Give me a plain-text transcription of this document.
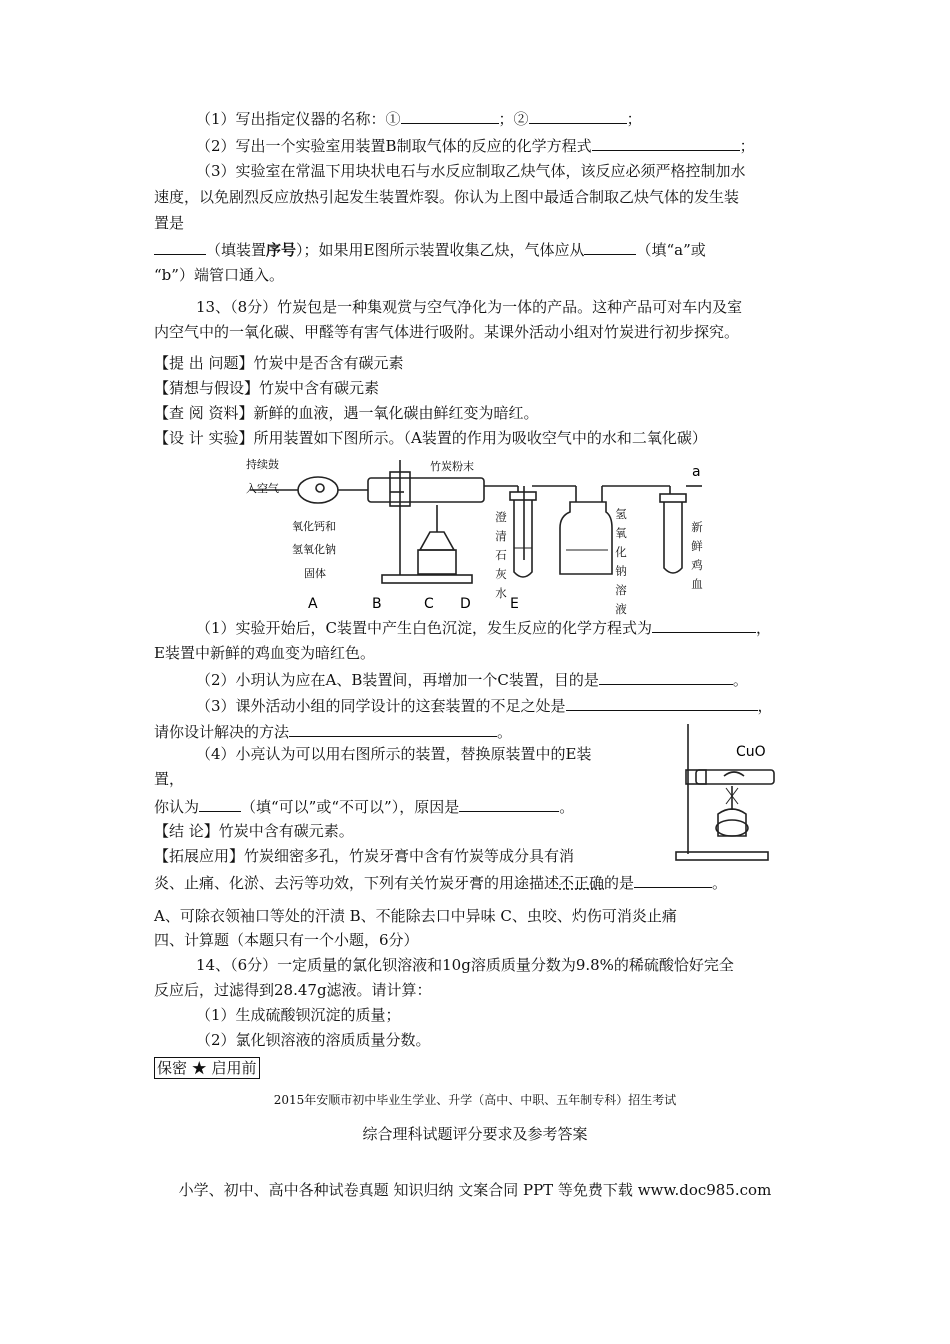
（1）写出指定仪器的名称：①	；②	；
（2）写出一个实验室用装置B制取气体的反应的化学方程式	；
（3）实验室在常温下用块状电石与水反应制取乙炔气体，该反应必须严格控制加水
速度，以免剧烈反应放热引起发生装置炸裂。你认为上图中最适合制取乙炔气体的发生装
置是
（填装置序号）；如果用E图所示装置收集乙炔，气体应从	（填“a”或
“b”）端管口通入。
13、（8分）竹炭包是一种集观赏与空气净化为一体的产品。这种产品可对车内及室
内空气中的一氧化碳、甲醛等有害气体进行吸附。某课外活动小组对竹炭进行初步探究。
【提 出 问题】竹炭中是否含有碳元素
【猜想与假设】竹炭中含有碳元素
【查 阅 资料】新鲜的血液，遇一氧化碳由鲜红变为暗红。
【设 计 实验】所用装置如下图所示。（A装置的作用为吸收空气中的水和二氧化碳）
持续鼓
入空气
竹炭粉末	a
氧化钙和
氢氧化钠
固体
A	B	C D	E
澄清石灰水
氢氧化钠溶液
新鲜鸡血
（1）实验开始后，C装置中产生白色沉淀，发生反应的化学方程式为	，
E装置中新鲜的鸡血变为暗红色。
（2）小玥认为应在A、B装置间，再增加一个C装置，目的是	。
（3）课外活动小组的同学设计的这套装置的不足之处是	，
请你设计解决的方法	。
（4）小亮认为可以用右图所示的装置，替换原装置中的E装
置，
你认为	（填“可以”或“不可以”），原因是	。
CuO
【结 论】竹炭中含有碳元素。
【拓展应用】竹炭细密多孔，竹炭牙膏中含有竹炭等成分具有消
炎、止痛、化淤、去污等功效，下列有关竹炭牙膏的用途描述不正确的是	。
A、可除衣领袖口等处的汗渍 B、不能除去口中异味 C、虫咬、灼伤可消炎止痛
四、计算题（本题只有一个小题，6分）
14、（6分）一定质量的氯化钡溶液和10g溶质质量分数为9.8%的稀硫酸恰好完全
反应后，过滤得到28.47g滤液。请计算：
（1）生成硫酸钡沉淀的质量；
（2）氯化钡溶液的溶质质量分数。
保密 ★ 启用前
2015年安顺市初中毕业生学业、升学（高中、中职、五年制专科）招生考试
综合理科试题评分要求及参考答案
小学、初中、高中各种试卷真题 知识归纳 文案合同 PPT 等免费下载 www.doc985.com
